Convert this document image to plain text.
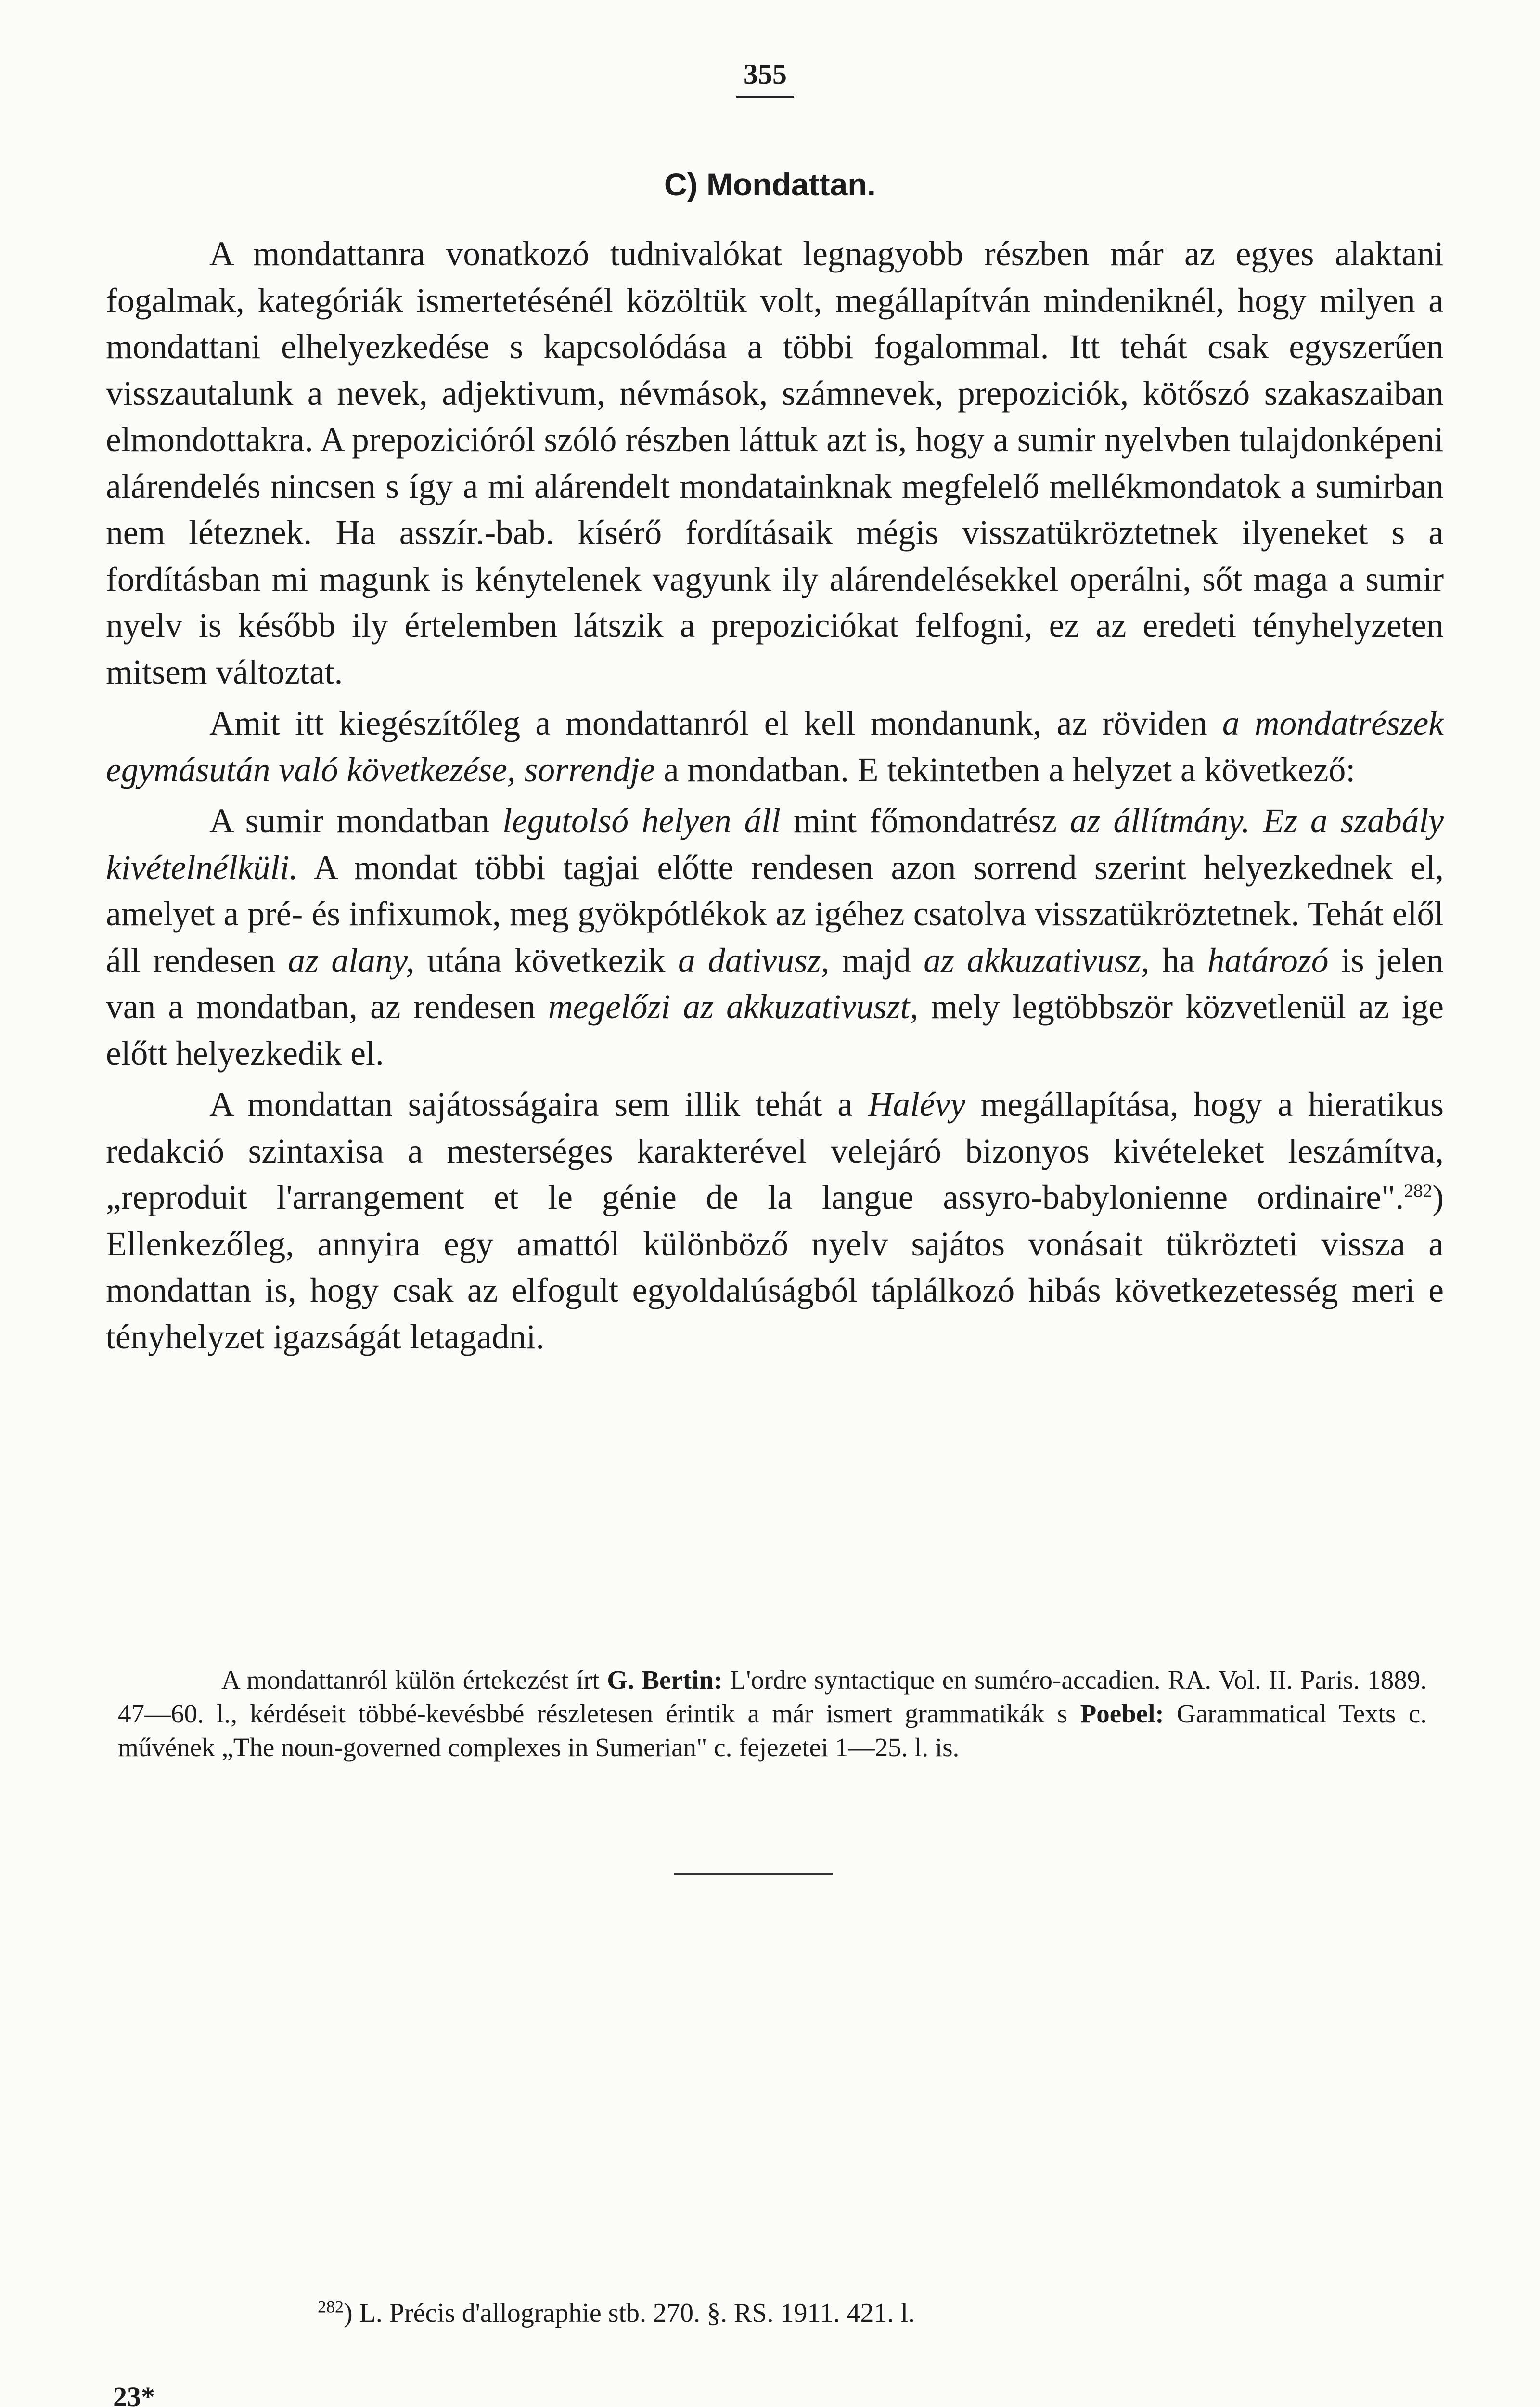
355
C) Mondattan.

A mondattanra vonatkozó tudnivalókat legnagyobb részben már az egyes alaktani fogalmak, kategóriák ismertetésénél közöltük volt, megállapítván mindeniknél, hogy milyen a mondattani elhelyezkedése s kapcsolódása a többi fogalommal. Itt tehát csak egyszerűen visszautalunk a nevek, adjektivum, névmások, számnevek, prepoziciók, kötőszó szakaszaiban elmondottakra. A prepozicióról szóló részben láttuk azt is, hogy a sumir nyelvben tulajdonképeni alárendelés nincsen s így a mi alárendelt mondatainknak megfelelő mellékmondatok a sumirban nem léteznek. Ha asszír.-bab. kísérő fordításaik mégis visszatükröztetnek ilyeneket s a fordításban mi magunk is kénytelenek vagyunk ily alárendelésekkel operálni, sőt maga a sumir nyelv is később ily értelemben látszik a prepoziciókat felfogni, ez az eredeti tényhelyzeten mitsem változtat.

Amit itt kiegészítőleg a mondattanról el kell mondanunk, az röviden a mondatrészek egymásután való következése, sorrendje a mondatban. E tekintetben a helyzet a következő:

A sumir mondatban legutolsó helyen áll mint főmondatrész az állítmány. Ez a szabály kivételnélküli. A mondat többi tagjai előtte rendesen azon sorrend szerint helyezkednek el, amelyet a pré- és infixumok, meg gyökpótlékok az igéhez csatolva visszatükröztetnek. Tehát elől áll rendesen az alany, utána következik a dativusz, majd az akkuzativusz, ha határozó is jelen van a mondatban, az rendesen megelőzi az akkuzativuszt, mely legtöbbször közvetlenül az ige előtt helyezkedik el.

A mondattan sajátosságaira sem illik tehát a Halévy megállapítása, hogy a hieratikus redakció szintaxisa a mesterséges karakterével velejáró bizonyos kivételeket leszámítva, „reproduit l'arrangement et le génie de la langue assyro-babylonienne ordinaire".$^{282}$) Ellenkezőleg, annyira egy amattól különböző nyelv sajátos vonásait tükrözteti vissza a mondattan is, hogy csak az elfogult egyoldalúságból táplálkozó hibás következetesség meri e tényhelyzet igazságát letagadni.

A mondattanról külön értekezést írt G. Bertin: L'ordre syntactique en suméro-accadien. RA. Vol. II. Paris. 1889. 47—60. l., kérdéseit többé-kevésbbé részletesen érintik a már ismert grammatikák s Poebel: Garammatical Texts c. művének „The noun-governed complexes in Sumerian" c. fejezetei 1—25. l. is.

$^{282}$) L. Précis d'allographie stb. 270. §. RS. 1911. 421. l.
23*
